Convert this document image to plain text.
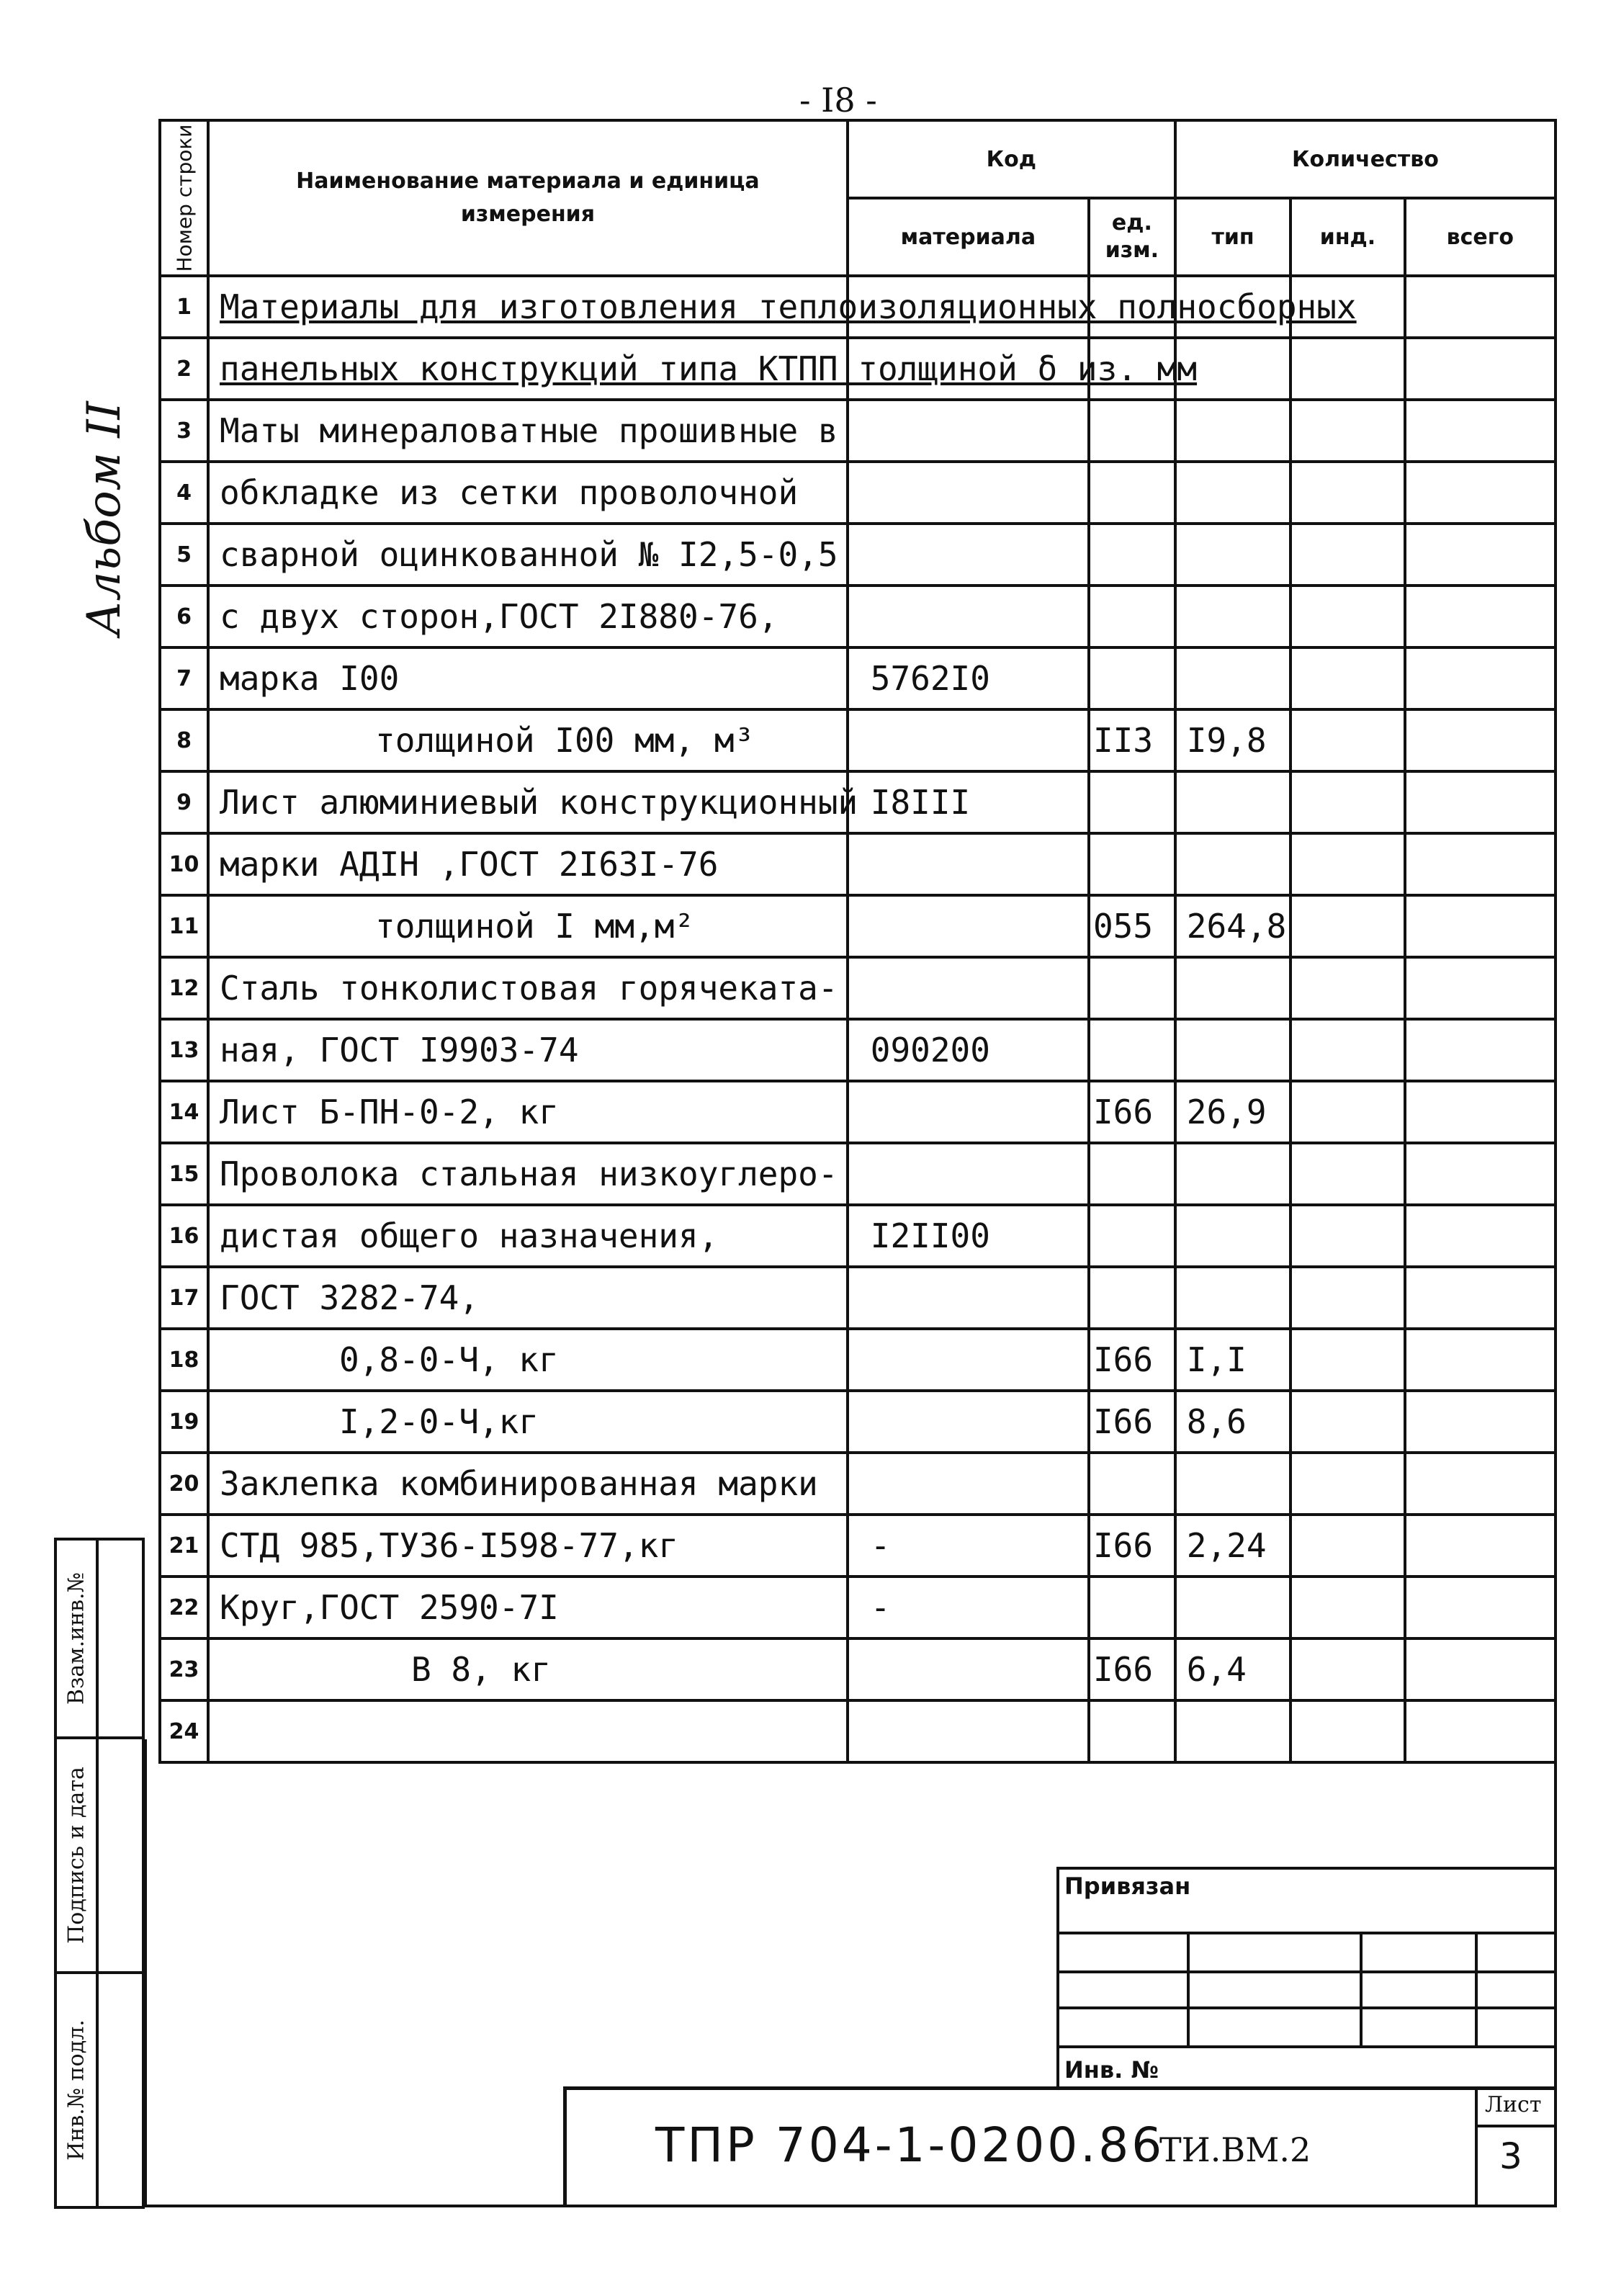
- I8 -
Альбом II
Номер строки	Наименование материала и единица измерения	Код		Количество		
		материала	ед. изм.	тип	инд.	всего
1	Материалы для изготовления теплоизоляционных полносборных					
2	панельных конструкций типа КТПП толщиной δ из. мм					
3	Маты минераловатные прошивные в					
4	обкладке из сетки проволочной					
5	сварной оцинкованной № I2,5-0,5					
6	с двух сторон,ГОСТ 2I880-76,					
7	марка I00	5762I0				
8	толщиной I00 мм, м³		II3	I9,8		
9	Лист алюминиевый конструкционный	I8III				
10	марки АДIН ,ГОСТ 2I63I-76					
11	толщиной I мм,м²		055	264,8		
12	Сталь тонколистовая горячеката-					
13	ная, ГОСТ I9903-74	090200				
14	Лист Б-ПН-0-2, кг		I66	26,9		
15	Проволока стальная низкоуглеро-					
16	дистая общего назначения,	I2II00				
17	ГОСТ 3282-74,					
18	0,8-0-Ч, кг		I66	I,I		
19	I,2-0-Ч,кг		I66	8,6		
20	Заклепка комбинированная марки					
21	СТД 985,ТУ36-I598-77,кг	-	I66	2,24		
22	Круг,ГОСТ 2590-7I	-				
23	В 8, кг		I66	6,4		
24						
Взам.инв.№
Подпись и дата
Инв.№ подл.
Привязан
Инв. №
ТПР 704-1-0200.86
ТИ.ВМ.2
Лист
3
